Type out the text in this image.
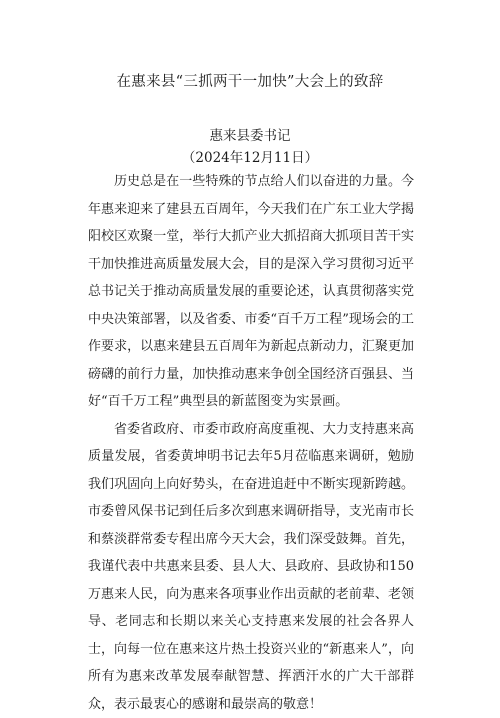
在惠来县“三抓两干一加快”大会上的致辞
惠来县委书记
（2024年12月11日）

历史总是在一些特殊的节点给人们以奋进的力量。今年惠来迎来了建县五百周年，今天我们在广东工业大学揭阳校区欢聚一堂，举行大抓产业大抓招商大抓项目苦干实干加快推进高质量发展大会，目的是深入学习贯彻习近平总书记关于推动高质量发展的重要论述，认真贯彻落实党中央决策部署，以及省委、市委“百千万工程”现场会的工作要求，以惠来建县五百周年为新起点新动力，汇聚更加磅礴的前行力量，加快推动惠来争创全国经济百强县、当好“百千万工程”典型县的新蓝图变为实景画。

省委省政府、市委市政府高度重视、大力支持惠来高质量发展，省委黄坤明书记去年5月莅临惠来调研，勉励我们巩固向上向好势头，在奋进追赶中不断实现新跨越。市委曾风保书记到任后多次到惠来调研指导，支光南市长和蔡淡群常委专程出席今天大会，我们深受鼓舞。首先，我谨代表中共惠来县委、县人大、县政府、县政协和150万惠来人民，向为惠来各项事业作出贡献的老前辈、老领导、老同志和长期以来关心支持惠来发展的社会各界人士，向每一位在惠来这片热土投资兴业的“新惠来人”，向所有为惠来改革发展奉献智慧、挥洒汗水的广大干部群众，表示最衷心的感谢和最崇高的敬意！
